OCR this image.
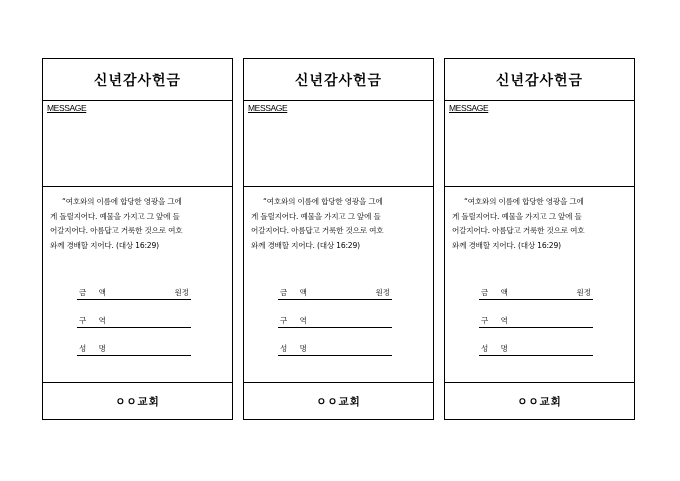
신년감사헌금
MESSAGE
“여호와의 이름에 합당한 영광을 그에
게 돌릴지어다. 예물을 가지고 그 앞에 들
어갈지어다. 아름답고 거룩한 것으로 여호
와께 경배할 지어다. (대상 16:29)
금 액	원정
구 역
성 명
ㅇㅇ교회
신년감사헌금
MESSAGE
“여호와의 이름에 합당한 영광을 그에
게 돌릴지어다. 예물을 가지고 그 앞에 들
어갈지어다. 아름답고 거룩한 것으로 여호
와께 경배할 지어다. (대상 16:29)
금 액	원정
구 역
성 명
ㅇㅇ교회
신년감사헌금
MESSAGE
“여호와의 이름에 합당한 영광을 그에
게 돌릴지어다. 예물을 가지고 그 앞에 들
어갈지어다. 아름답고 거룩한 것으로 여호
와께 경배할 지어다. (대상 16:29)
금 액	원정
구 역
성 명
ㅇㅇ교회
